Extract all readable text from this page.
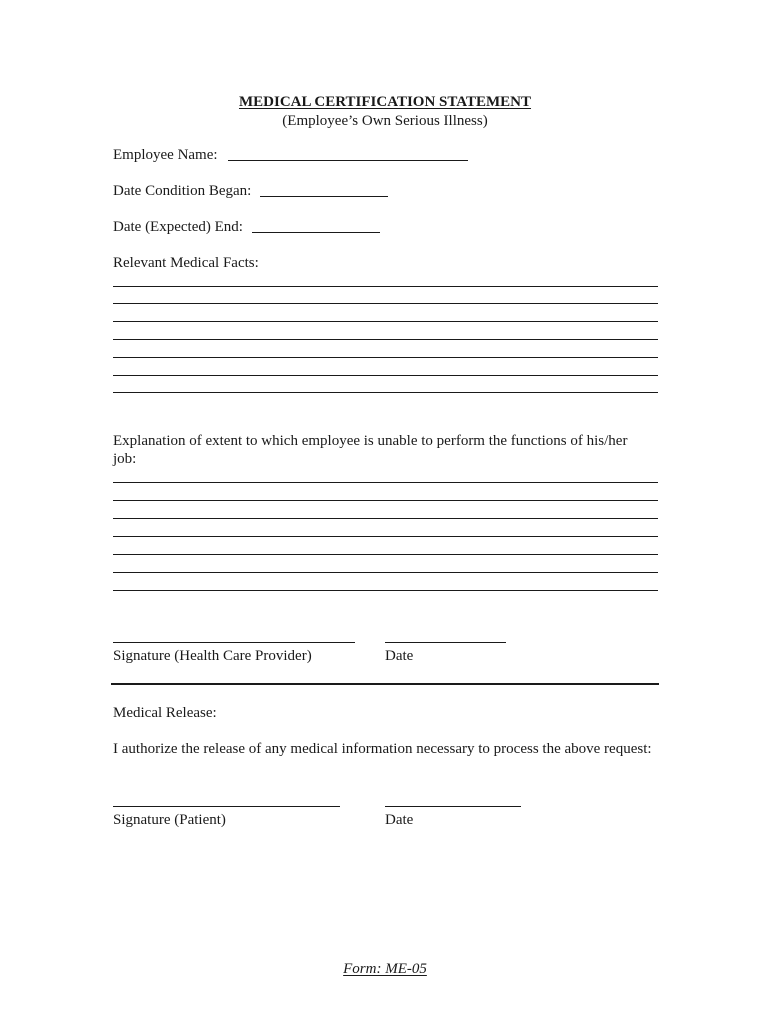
MEDICAL CERTIFICATION STATEMENT
(Employee’s Own Serious Illness)
Employee Name:
Date Condition Began:
Date (Expected) End:
Relevant Medical Facts:
Explanation of extent to which employee is unable to perform the functions of his/her
job:
Signature (Health Care Provider)	Date
Medical Release:
I authorize the release of any medical information necessary to process the above request:
Signature (Patient)	Date
Form: ME-05
